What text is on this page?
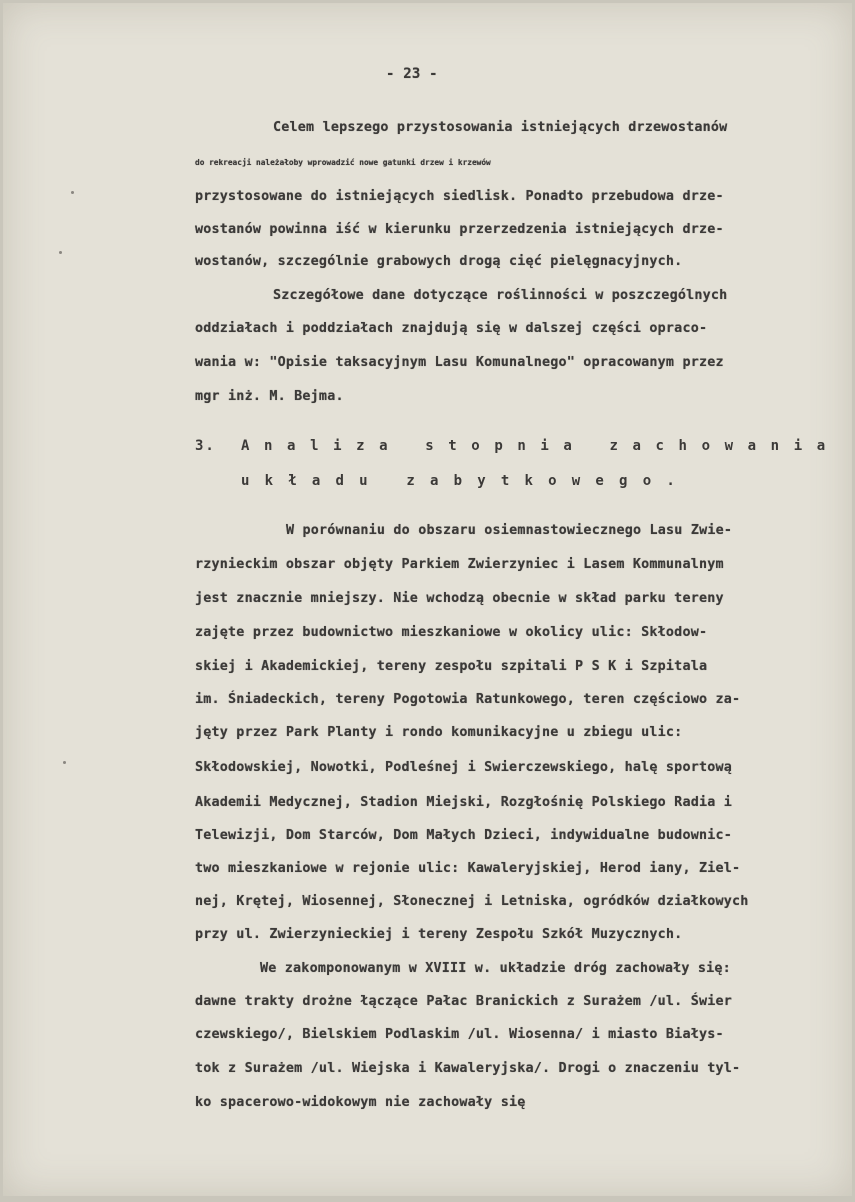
- 23 -
Celem lepszego przystosowania istniejących drzewostanów
do rekreacji należałoby wprowadzić nowe gatunki drzew i krzewów
przystosowane do istniejących siedlisk. Ponadto przebudowa drze-
wostanów powinna iść w kierunku przerzedzenia istniejących drze-
wostanów, szczególnie grabowych drogą cięć pielęgnacyjnych.
Szczegółowe dane dotyczące roślinności w poszczególnych
oddziałach i poddziałach znajdują się w dalszej części opraco-
wania w: "Opisie taksacyjnym Lasu Komunalnego" opracowanym przez
mgr inż. M. Bejma.
3. Analiza stopnia zachowania
układu zabytkowego.
W porównaniu do obszaru osiemnastowiecznego Lasu Zwie-
rzynieckim obszar objęty Parkiem Zwierzyniec i Lasem Kommunalnym
jest znacznie mniejszy. Nie wchodzą obecnie w skład parku tereny
zajęte przez budownictwo mieszkaniowe w okolicy ulic: Skłodow-
skiej i Akademickiej, tereny zespołu szpitali P S K i Szpitala
im. Śniadeckich, tereny Pogotowia Ratunkowego, teren częściowo za-
jęty przez Park Planty i rondo komunikacyjne u zbiegu ulic:
Skłodowskiej, Nowotki, Podleśnej i Swierczewskiego, halę sportową
Akademii Medycznej, Stadion Miejski, Rozgłośnię Polskiego Radia i
Telewizji, Dom Starców, Dom Małych Dzieci, indywidualne budownic-
two mieszkaniowe w rejonie ulic: Kawaleryjskiej, Herod iany, Ziel-
nej, Krętej, Wiosennej, Słonecznej i Letniska, ogródków działkowych
przy ul. Zwierzynieckiej i tereny Zespołu Szkół Muzycznych.
We zakomponowanym w XVIII w. układzie dróg zachowały się:
dawne trakty drożne łączące Pałac Branickich z Surażem /ul. Świer
czewskiego/, Bielskiem Podlaskim /ul. Wiosenna/ i miasto Białys-
tok z Surażem /ul. Wiejska i Kawaleryjska/. Drogi o znaczeniu tyl-
ko spacerowo-widokowym nie zachowały się
